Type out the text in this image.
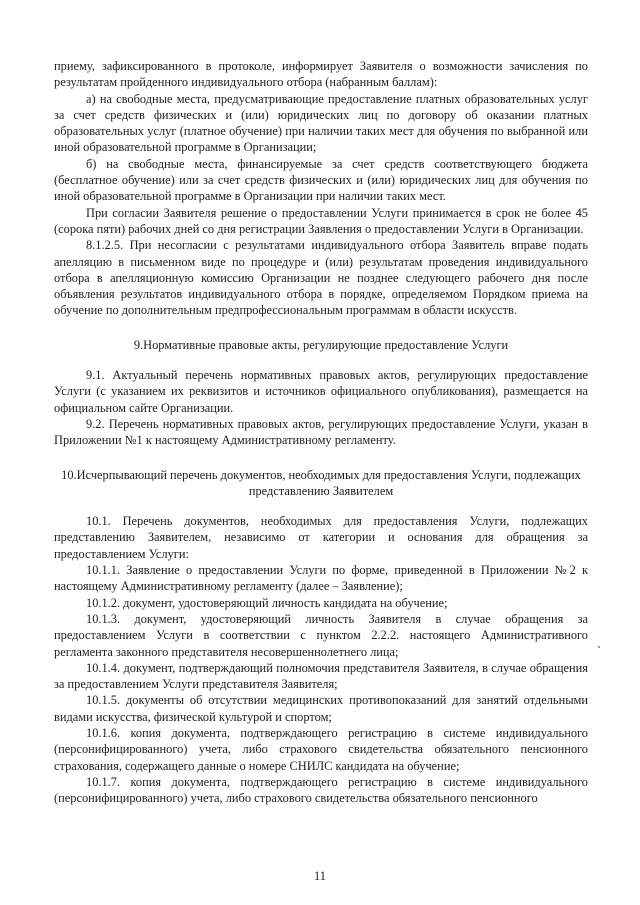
приему, зафиксированного в протоколе, информирует Заявителя о возможности зачисления по результатам пройденного индивидуального отбора (набранным баллам):

а) на свободные места, предусматривающие предоставление платных образовательных услуг за счет средств физических и (или) юридических лиц по договору об оказании платных образовательных услуг (платное обучение) при наличии таких мест для обучения по выбранной или иной образовательной программе в Организации;

б) на свободные места, финансируемые за счет средств соответствующего бюджета (бесплатное обучение) или за счет средств физических и (или) юридических лиц для обучения по иной образовательной программе в Организации при наличии таких мест.

При согласии Заявителя решение о предоставлении Услуги принимается в срок не более 45 (сорока пяти) рабочих дней со дня регистрации Заявления о предоставлении Услуги в Организации.

8.1.2.5. При несогласии с результатами индивидуального отбора Заявитель вправе подать апелляцию в письменном виде по процедуре и (или) результатам проведения индивидуального отбора в апелляционную комиссию Организации не позднее следующего рабочего дня после объявления результатов индивидуального отбора в порядке, определяемом Порядком приема на обучение по дополнительным предпрофессиональным программам в области искусств.

9.Нормативные правовые акты, регулирующие предоставление Услуги

9.1. Актуальный перечень нормативных правовых актов, регулирующих предоставление Услуги (с указанием их реквизитов и источников официального опубликования), размещается на официальном сайте Организации.

9.2. Перечень нормативных правовых актов, регулирующих предоставление Услуги, указан в Приложении №1 к настоящему Административному регламенту.

10.Исчерпывающий перечень документов, необходимых для предоставления Услуги, подлежащих представлению Заявителем

10.1. Перечень документов, необходимых для предоставления Услуги, подлежащих представлению Заявителем, независимо от категории и основания для обращения за предоставлением Услуги:

10.1.1. Заявление о предоставлении Услуги по форме, приведенной в Приложении №2 к настоящему Административному регламенту (далее – Заявление);

10.1.2. документ, удостоверяющий личность кандидата на обучение;

10.1.3. документ, удостоверяющий личность Заявителя в случае обращения за предоставлением Услуги в соответствии с пунктом 2.2.2. настоящего Административного регламента законного представителя несовершеннолетнего лица;

10.1.4. документ, подтверждающий полномочия представителя Заявителя, в случае обращения за предоставлением Услуги представителя Заявителя;

10.1.5. документы об отсутствии медицинских противопоказаний для занятий отдельными видами искусства, физической культурой и спортом;

10.1.6. копия документа, подтверждающего регистрацию в системе индивидуального (персонифицированного) учета, либо страхового свидетельства обязательного пенсионного страхования, содержащего данные о номере СНИЛС кандидата на обучение;

10.1.7. копия документа, подтверждающего регистрацию в системе индивидуального (персонифицированного) учета, либо страхового свидетельства обязательного пенсионного

11
